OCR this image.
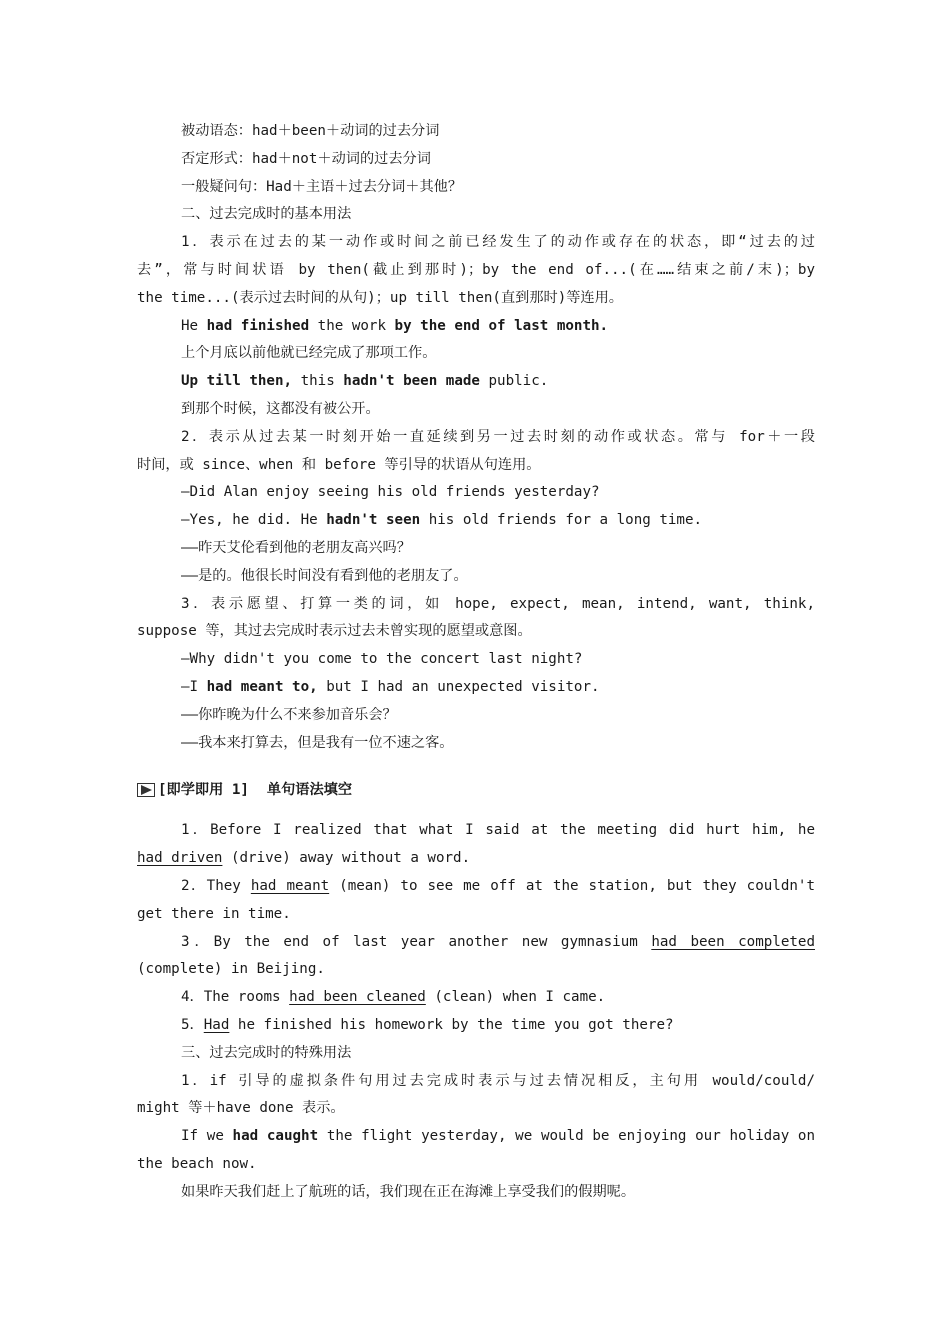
被动语态：had＋been＋动词的过去分词
否定形式：had＋not＋动词的过去分词
一般疑问句：Had＋主语＋过去分词＋其他？
二、过去完成时的基本用法
1．表示在过去的某一动作或时间之前已经发生了的动作或存在的状态，即“过去的过
去”，常与时间状语 by then(截止到那时)；by the end of...(在……结束之前/末)；by
the time...(表示过去时间的从句)；up till then(直到那时)等连用。
He had finished the work by the end of last month.
上个月底以前他就已经完成了那项工作。
Up till then, this hadn't been made public.
到那个时候，这都没有被公开。
2．表示从过去某一时刻开始一直延续到另一过去时刻的动作或状态。常与 for＋一段
时间，或 since、when 和 before 等引导的状语从句连用。
—Did Alan enjoy seeing his old friends yesterday?
—Yes, he did. He hadn't seen his old friends for a long time.
——昨天艾伦看到他的老朋友高兴吗？
——是的。他很长时间没有看到他的老朋友了。
3．表示愿望、打算一类的词，如 hope, expect, mean, intend, want, think,
suppose 等，其过去完成时表示过去未曾实现的愿望或意图。
—Why didn't you come to the concert last night?
—I had meant to, but I had an unexpected visitor.
——你昨晚为什么不来参加音乐会？
——我本来打算去，但是我有一位不速之客。
[即学即用 1] 单句语法填空
1．Before I realized that what I said at the meeting did hurt him, he
had driven (drive) away without a word.
2．They had meant (mean) to see me off at the station, but they couldn't
get there in time.
3．By the end of last year another new gymnasium had been completed
(complete) in Beijing.
4．The rooms had been cleaned (clean) when I came.
5．Had he finished his homework by the time you got there?
三、过去完成时的特殊用法
1．if 引导的虚拟条件句用过去完成时表示与过去情况相反，主句用 would/could/
might 等＋have done 表示。
If we had caught the flight yesterday, we would be enjoying our holiday on
the beach now.
如果昨天我们赶上了航班的话，我们现在正在海滩上享受我们的假期呢。
